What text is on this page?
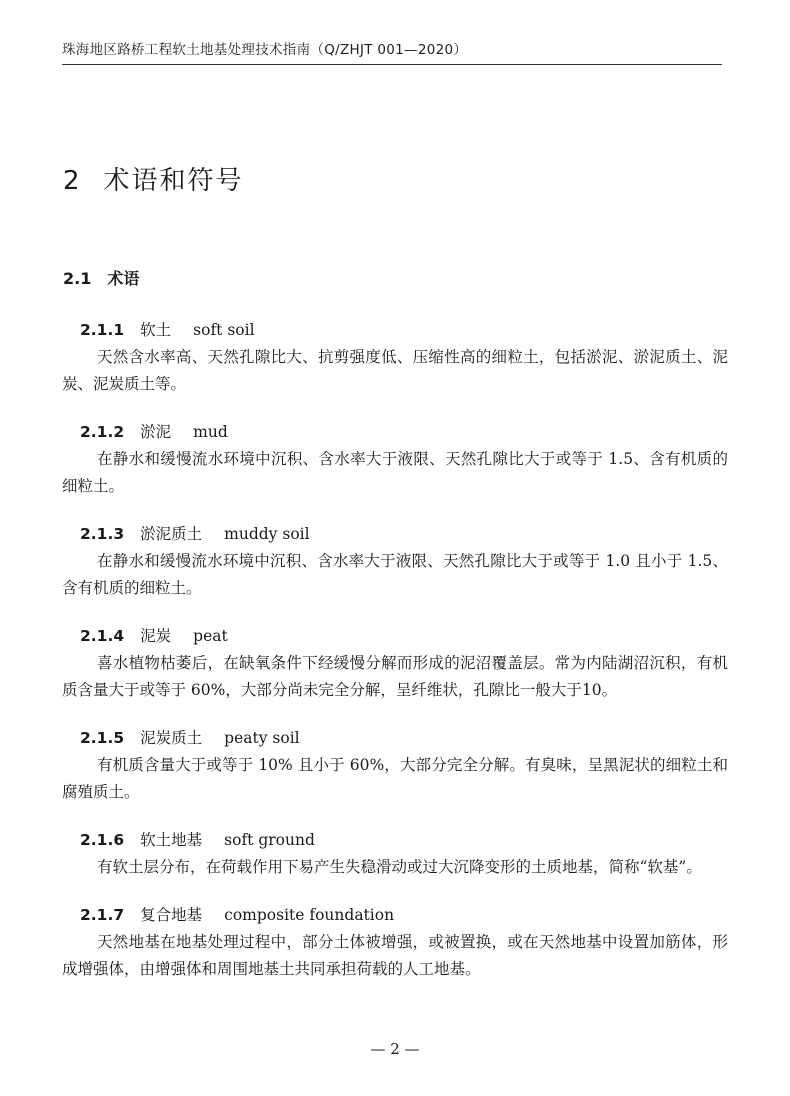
珠海地区路桥工程软土地基处理技术指南（Q/ZHJT 001—2020）
2 术语和符号
2.1 术语
2.1.1 软土 soft soil

天然含水率高、天然孔隙比大、抗剪强度低、压缩性高的细粒土，包括淤泥、淤泥质土、泥炭、泥炭质土等。

2.1.2 淤泥 mud

在静水和缓慢流水环境中沉积、含水率大于液限、天然孔隙比大于或等于 1.5、含有机质的细粒土。

2.1.3 淤泥质土 muddy soil

在静水和缓慢流水环境中沉积、含水率大于液限、天然孔隙比大于或等于 1.0 且小于 1.5、含有机质的细粒土。

2.1.4 泥炭 peat

喜水植物枯萎后，在缺氧条件下经缓慢分解而形成的泥沼覆盖层。常为内陆湖沼沉积，有机质含量大于或等于 60%，大部分尚未完全分解，呈纤维状，孔隙比一般大于10。

2.1.5 泥炭质土 peaty soil

有机质含量大于或等于 10% 且小于 60%，大部分完全分解。有臭味，呈黑泥状的细粒土和腐殖质土。

2.1.6 软土地基 soft ground

有软土层分布，在荷载作用下易产生失稳滑动或过大沉降变形的土质地基，简称“软基”。

2.1.7 复合地基 composite foundation

天然地基在地基处理过程中，部分土体被增强，或被置换，或在天然地基中设置加筋体，形成增强体，由增强体和周围地基土共同承担荷载的人工地基。

— 2 —
